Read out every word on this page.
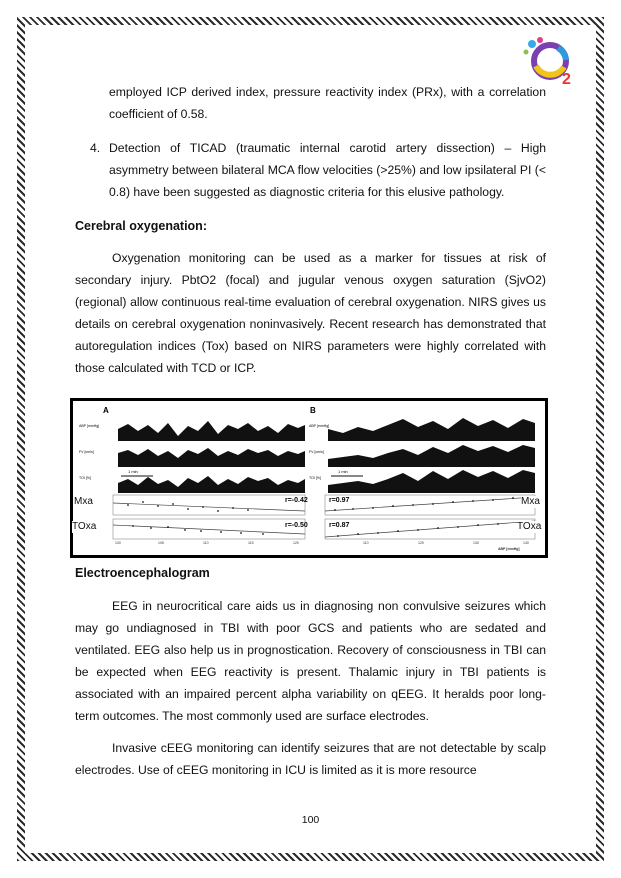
2
employed ICP derived index, pressure reactivity index (PRx), with a correlation coefficient of 0.58.
4. Detection of TICAD (traumatic internal carotid artery dissection) – High asymmetry between bilateral MCA flow velocities (>25%) and low ipsilateral PI (< 0.8) have been suggested as diagnostic criteria for this elusive pathology.
Cerebral oxygenation:
Oxygenation monitoring can be used as a marker for tissues at risk of secondary injury. PbtO2 (focal) and jugular venous oxygen saturation (SjvO2) (regional) allow continuous real-time evaluation of cerebral oxygenation. NIRS gives us details on cerebral oxygenation noninvasively. Recent research has demonstrated that autoregulation indices (Tox) based on NIRS parameters were highly correlated with those calculated with TCD or ICP.
A
ABP [mmHg]
FV [cm/s]
TOI [%]
1 min
r=-0.42
r=-0.50
100	105	110	115	120
B
ABP [mmHg]
FV [cm/s]
TOI [%]
1 min
r=0.97
r=0.87
110	120	130	140
ABP [mmHg]
Mxa
TOxa
Mxa
TOxa
Electroencephalogram
EEG in neurocritical care aids us in diagnosing non convulsive seizures which may go undiagnosed in TBI with poor GCS and patients who are sedated and ventilated. EEG also help us in prognostication. Recovery of consciousness in TBI can be expected when EEG reactivity is present. Thalamic injury in TBI patients is associated with an impaired percent alpha variability on qEEG. It heralds poor long-term outcomes. The most commonly used are surface electrodes.
Invasive cEEG monitoring can identify seizures that are not detectable by scalp electrodes. Use of cEEG monitoring in ICU is limited as it is more resource
100
